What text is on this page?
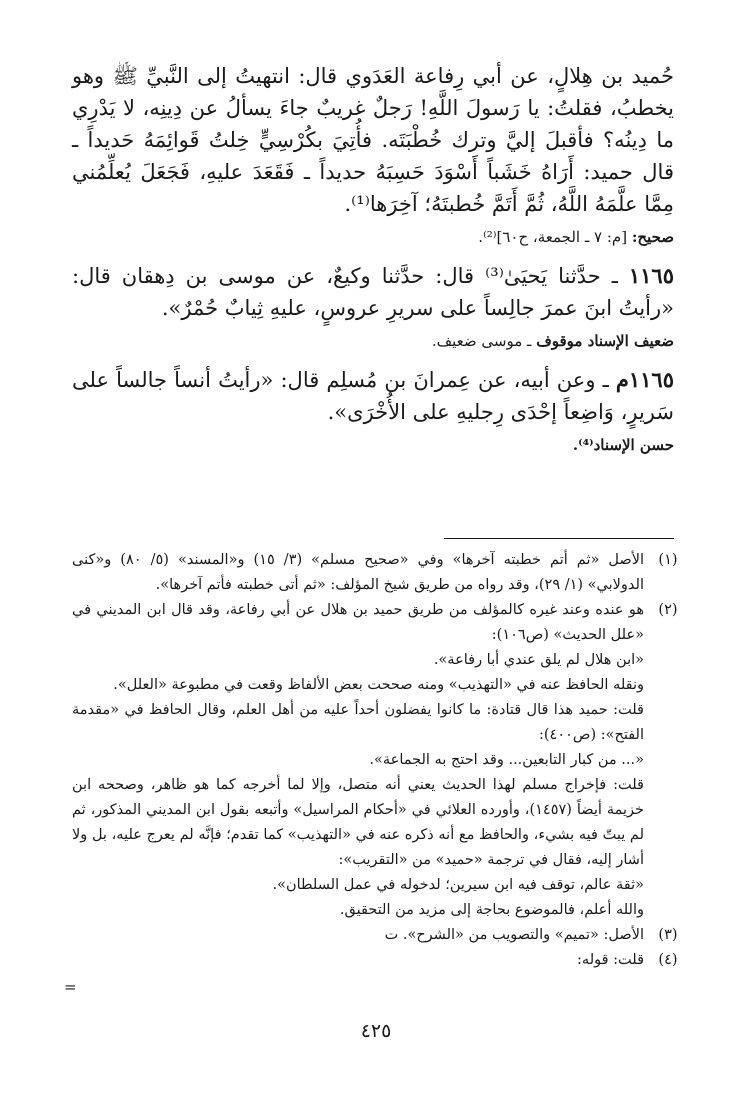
حُميد بن هِلالٍ، عن أبي رِفاعة العَدَوي قال: انتهيتُ إلى النَّبيِّ ﷺ وهو يخطبُ، فقلتُ: يا رَسولَ اللَّهِ! رَجلٌ غريبٌ جاءَ يسألُ عن دِينِه، لا يَدْرِي ما دِينُه؟ فأقبلَ إليَّ وترك خُطْبَتَه. فأُتِيَ بكُرْسِيٍّ خِلتُ قَوائِمَهُ حَديداً ـ قال حميد: أَرَاهُ خَشَباً أَسْوَدَ حَسِبَهُ حديداً ـ فَقَعَدَ عليهِ، فَجَعَلَ يُعلِّمُني مِمَّا علَّمَهُ اللَّهُ، ثُمَّ أَتَمَّ خُطبتَهُ؛ آخِرَها⁽¹⁾.

صحيح: [م: ٧ ـ الجمعة، ح٦٠]⁽²⁾.

١١٦٥ ـ حدَّثنا يَحيَىٰ⁽³⁾ قال: حدَّثنا وكيعٌ، عن موسى بن دِهقان قال: «رأيتُ ابنَ عمرَ جالِساً على سريرِ عروسٍ، عليهِ ثِيابٌ حُمْرٌ».

ضعيف الإسناد موقوف ـ موسى ضعيف.

١١٦٥م ـ وعن أبيه، عن عِمرانَ بن مُسلِم قال: «رأيتُ أنساً جالساً على سَريرٍ، وَاضِعاً إحْدَى رِجليهِ على الأُخْرَى».

حسن الإسناد⁽⁴⁾.

(١)

الأصل «ثم أتم خطبته آخرها» وفي «صحيح مسلم» (٣/ ١٥) و«المسند» (٥/ ٨٠) و«كنى الدولابي» (١/ ٢٩)، وقد رواه من طريق شيخ المؤلف: «ثم أتى خطبته فأتم آخرها».

(٢)

هو عنده وعند غيره كالمؤلف من طريق حميد بن هلال عن أبي رفاعة، وقد قال ابن المديني في «علل الحديث» (ص١٠٦):

«ابن هلال لم يلق عندي أبا رفاعة».

ونقله الحافظ عنه في «التهذيب» ومنه صححت بعض الألفاظ وقعت في مطبوعة «العلل».

قلت: حميد هذا قال قتادة: ما كانوا يفضلون أحداً عليه من أهل العلم، وقال الحافظ في «مقدمة الفتح»: (ص٤٠٠):

«... من كبار التابعين... وقد احتج به الجماعة».

قلت: فإخراج مسلم لهذا الحديث يعني أنه متصل، وإلا لما أخرجه كما هو ظاهر، وصححه ابن خزيمة أيضاً (١٤٥٧)، وأورده العلائي في «أحكام المراسيل» وأتبعه بقول ابن المديني المذكور، ثم لم يبتّ فيه بشيء، والحافظ مع أنه ذكره عنه في «التهذيب» كما تقدم؛ فإنَّه لم يعرج عليه، بل ولا أشار إليه، فقال في ترجمة «حميد» من «التقريب»:

«ثقة عالم، توقف فيه ابن سيرين؛ لدخوله في عمل السلطان».

والله أعلم، فالموضوع بحاجة إلى مزيد من التحقيق.

(٣)

الأصل: «تميم» والتصويب من «الشرح». ت

(٤)

قلت: قوله:

=
٤٢٥
